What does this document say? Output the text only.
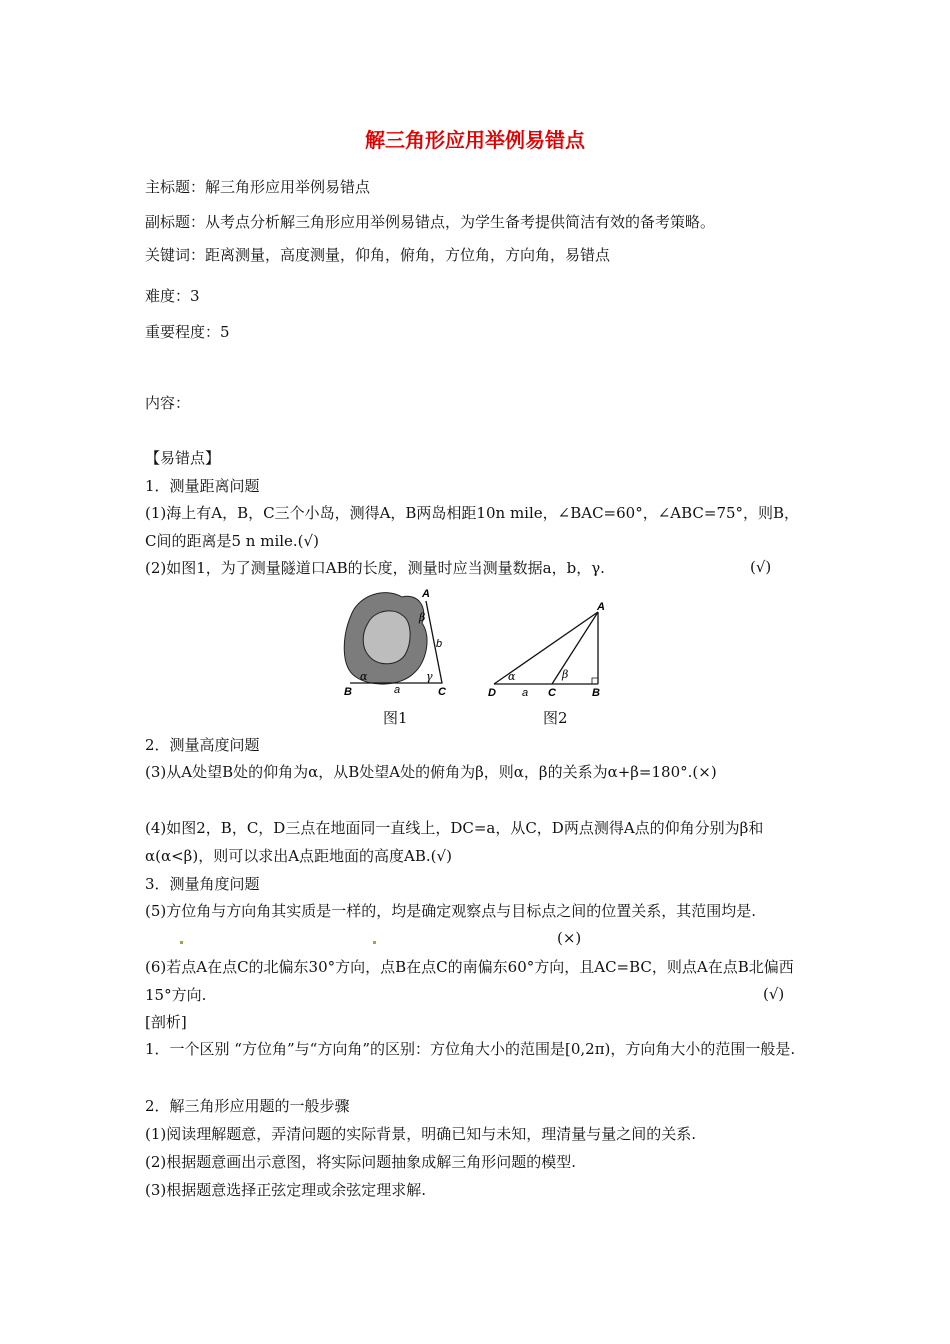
解三角形应用举例易错点
主标题：解三角形应用举例易错点
副标题：从考点分析解三角形应用举例易错点，为学生备考提供简洁有效的备考策略。
关键词：距离测量，高度测量，仰角，俯角，方位角，方向角，易错点
难度：3
重要程度：5
内容：
【易错点】
1．测量距离问题
(1)海上有A，B，C三个小岛，测得A，B两岛相距10n mile，∠BAC=60°，∠ABC=75°，则B，C间的距离是5 n mile.(√)
(2)如图1，为了测量隧道口AB的长度，测量时应当测量数据a，b，γ.	(√)
A
B	C
a
b
α
β
γ
图1
A
B
C
D a
α	β
图2
2．测量高度问题
(3)从A处望B处的仰角为α，从B处望A处的俯角为β，则α，β的关系为α+β=180°.(×)
(4)如图2，B，C，D三点在地面同一直线上，DC=a，从C，D两点测得A点的仰角分别为β和α(α<β)，则可以求出A点距地面的高度AB.(√)
3．测量角度问题
(5)方位角与方向角其实质是一样的，均是确定观察点与目标点之间的位置关系，其范围均是.
(×)
(6)若点A在点C的北偏东30°方向，点B在点C的南偏东60°方向，且AC=BC，则点A在点B北偏西15°方向.	(√)
[剖析]
1．一个区别 “方位角”与“方向角”的区别：方位角大小的范围是[0,2π)，方向角大小的范围一般是.
2．解三角形应用题的一般步骤
(1)阅读理解题意，弄清问题的实际背景，明确已知与未知，理清量与量之间的关系.
(2)根据题意画出示意图，将实际问题抽象成解三角形问题的模型.
(3)根据题意选择正弦定理或余弦定理求解.
